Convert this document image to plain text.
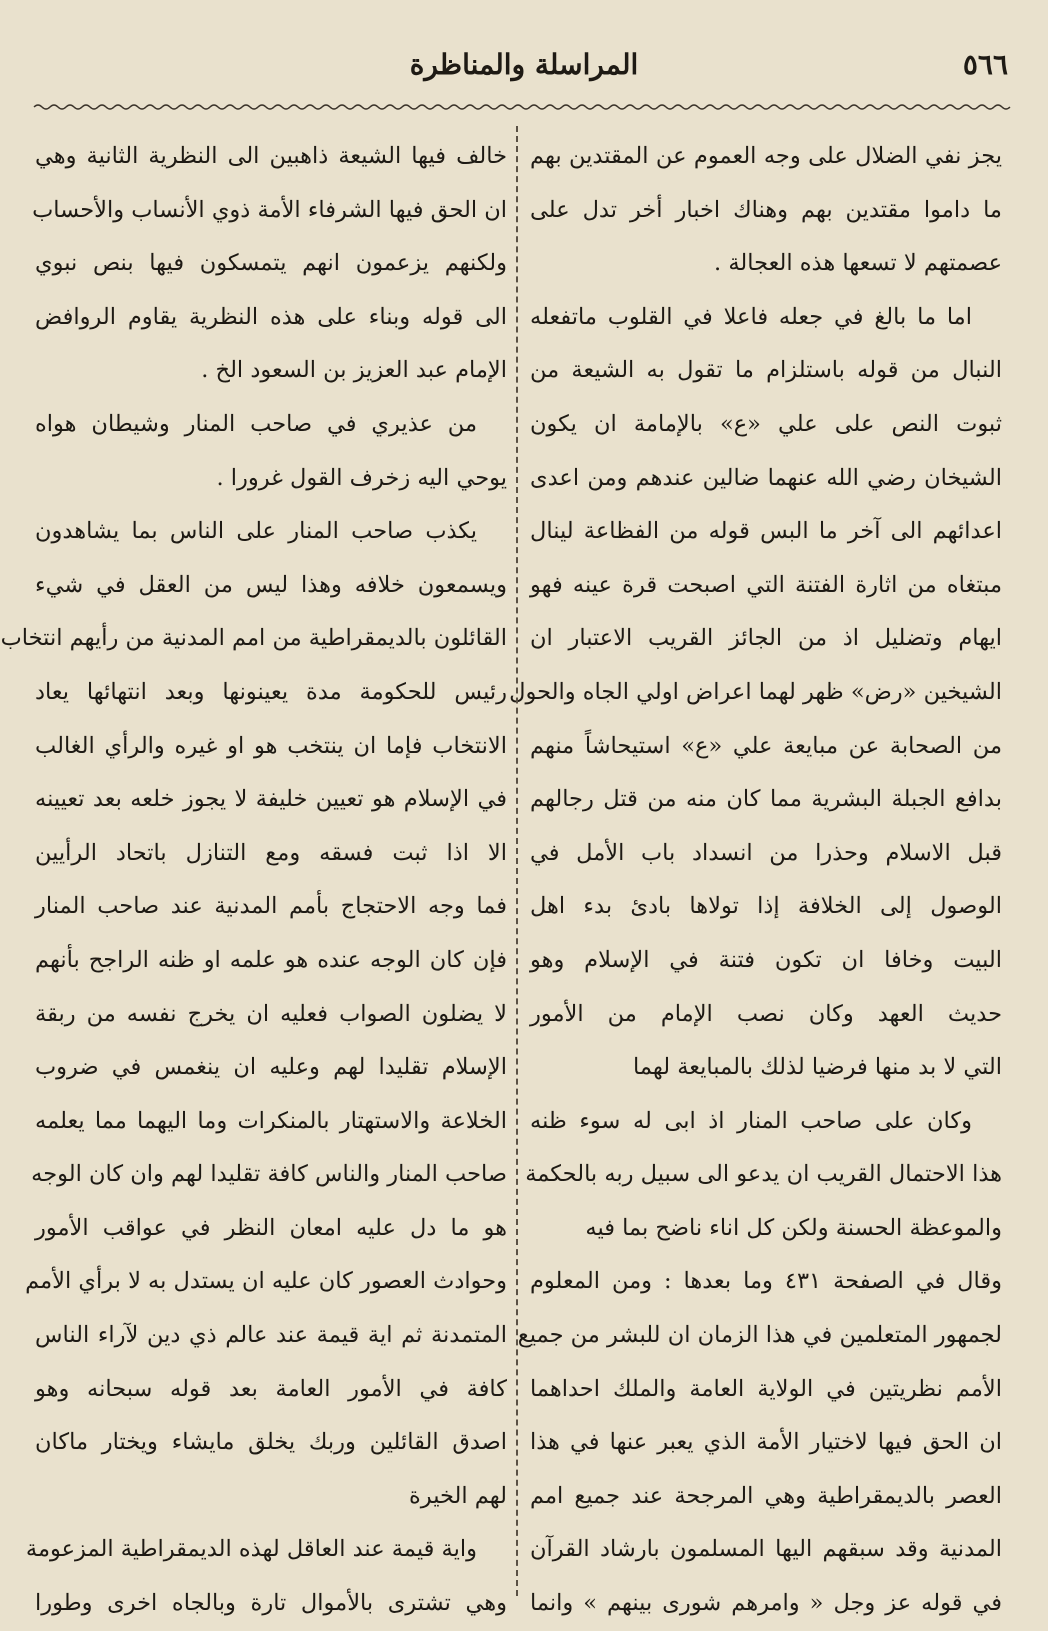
المراسلة والمناظرة	٥٦٦
يجز نفي الضلال على وجه العموم عن المقتدين بهم
ما داموا مقتدين بهم وهناك اخبار أخر تدل على
عصمتهم لا تسعها هذه العجالة .
اما ما بالغ في جعله فاعلا في القلوب ماتفعله
النبال من قوله باستلزام ما تقول به الشيعة من
ثبوت النص على علي «ع» بالإمامة ان يكون
الشيخان رضي الله عنهما ضالين عندهم ومن اعدى
اعدائهم الى آخر ما البس قوله من الفظاعة لينال
مبتغاه من اثارة الفتنة التي اصبحت قرة عينه فهو
ايهام وتضليل اذ من الجائز القريب الاعتبار ان
الشيخين «رض» ظهر لهما اعراض اولي الجاه والحول
من الصحابة عن مبايعة علي «ع» استيحاشاً منهم
بدافع الجبلة البشرية مما كان منه من قتل رجالهم
قبل الاسلام وحذرا من انسداد باب الأمل في
الوصول إلى الخلافة إذا تولاها بادئ بدء اهل
البيت وخافا ان تكون فتنة في الإسلام وهو
حديث العهد وكان نصب الإمام من الأمور
التي لا بد منها فرضيا لذلك بالمبايعة لهما
وكان على صاحب المنار اذ ابى له سوء ظنه
هذا الاحتمال القريب ان يدعو الى سبيل ربه بالحكمة
والموعظة الحسنة ولكن كل اناء ناضح بما فيه
وقال في الصفحة ٤٣١ وما بعدها : ومن المعلوم
لجمهور المتعلمين في هذا الزمان ان للبشر من جميع
الأمم نظريتين في الولاية العامة والملك احداهما
ان الحق فيها لاختيار الأمة الذي يعبر عنها في هذا
العصر بالديمقراطية وهي المرجحة عند جميع امم
المدنية وقد سبقهم اليها المسلمون بارشاد القرآن
في قوله عز وجل « وامرهم شورى بينهم » وانما
خالف فيها الشيعة ذاهبين الى النظرية الثانية وهي
ان الحق فيها الشرفاء الأمة ذوي الأنساب والأحساب
ولكنهم يزعمون انهم يتمسكون فيها بنص نبوي
الى قوله وبناء على هذه النظرية يقاوم الروافض
الإمام عبد العزيز بن السعود الخ .
من عذيري في صاحب المنار وشيطان هواه
يوحي اليه زخرف القول غرورا .
يكذب صاحب المنار على الناس بما يشاهدون
ويسمعون خلافه وهذا ليس من العقل في شيء
القائلون بالديمقراطية من امم المدنية من رأيهم انتخاب
رئيس للحكومة مدة يعينونها وبعد انتهائها يعاد
الانتخاب فإما ان ينتخب هو او غيره والرأي الغالب
في الإسلام هو تعيين خليفة لا يجوز خلعه بعد تعيينه
الا اذا ثبت فسقه ومع التنازل باتحاد الرأيين
فما وجه الاحتجاج بأمم المدنية عند صاحب المنار
فإن كان الوجه عنده هو علمه او ظنه الراجح بأنهم
لا يضلون الصواب فعليه ان يخرج نفسه من ربقة
الإسلام تقليدا لهم وعليه ان ينغمس في ضروب
الخلاعة والاستهتار بالمنكرات وما اليهما مما يعلمه
صاحب المنار والناس كافة تقليدا لهم وان كان الوجه
هو ما دل عليه امعان النظر في عواقب الأمور
وحوادث العصور كان عليه ان يستدل به لا برأي الأمم
المتمدنة ثم اية قيمة عند عالم ذي دين لآراء الناس
كافة في الأمور العامة بعد قوله سبحانه وهو
اصدق القائلين وربك يخلق مايشاء ويختار ماكان
لهم الخيرة
واية قيمة عند العاقل لهذه الديمقراطية المزعومة
وهي تشترى بالأموال تارة وبالجاه اخرى وطورا
